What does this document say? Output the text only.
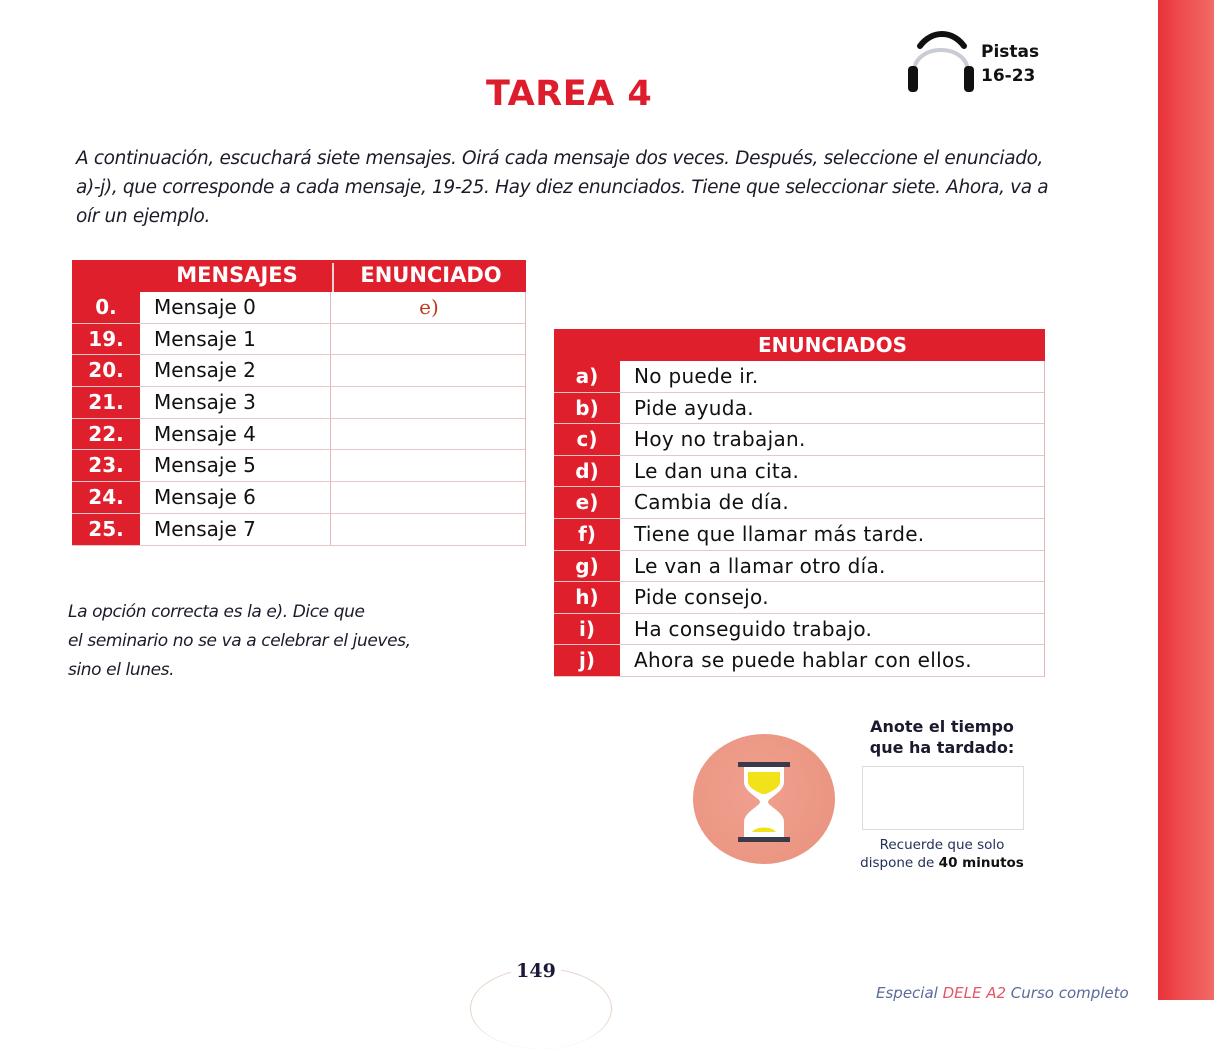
TAREA 4
Pistas
16-23

A continuación, escuchará siete mensajes. Oirá cada mensaje dos veces. Después, seleccione el enunciado, a)-j), que corresponde a cada mensaje, 19-25. Hay diez enunciados. Tiene que seleccionar siete. Ahora, va a oír un ejemplo.

MENSAJES	ENUNCIADO
0.	Mensaje 0	e)
19.	Mensaje 1
20.	Mensaje 2
21.	Mensaje 3
22.	Mensaje 4
23.	Mensaje 5
24.	Mensaje 6
25.	Mensaje 7
ENUNCIADOS
a)	No puede ir.
b)	Pide ayuda.
c)	Hoy no trabajan.
d)	Le dan una cita.
e)	Cambia de día.
f)	Tiene que llamar más tarde.
g)	Le van a llamar otro día.
h)	Pide consejo.
i)	Ha conseguido trabajo.
j)	Ahora se puede hablar con ellos.
La opción correcta es la e). Dice que
el seminario no se va a celebrar el jueves,
sino el lunes.
Anote el tiempo
que ha tardado:
Recuerde que solo
dispone de 40 minutos
149
Especial DELE A2 Curso completo
